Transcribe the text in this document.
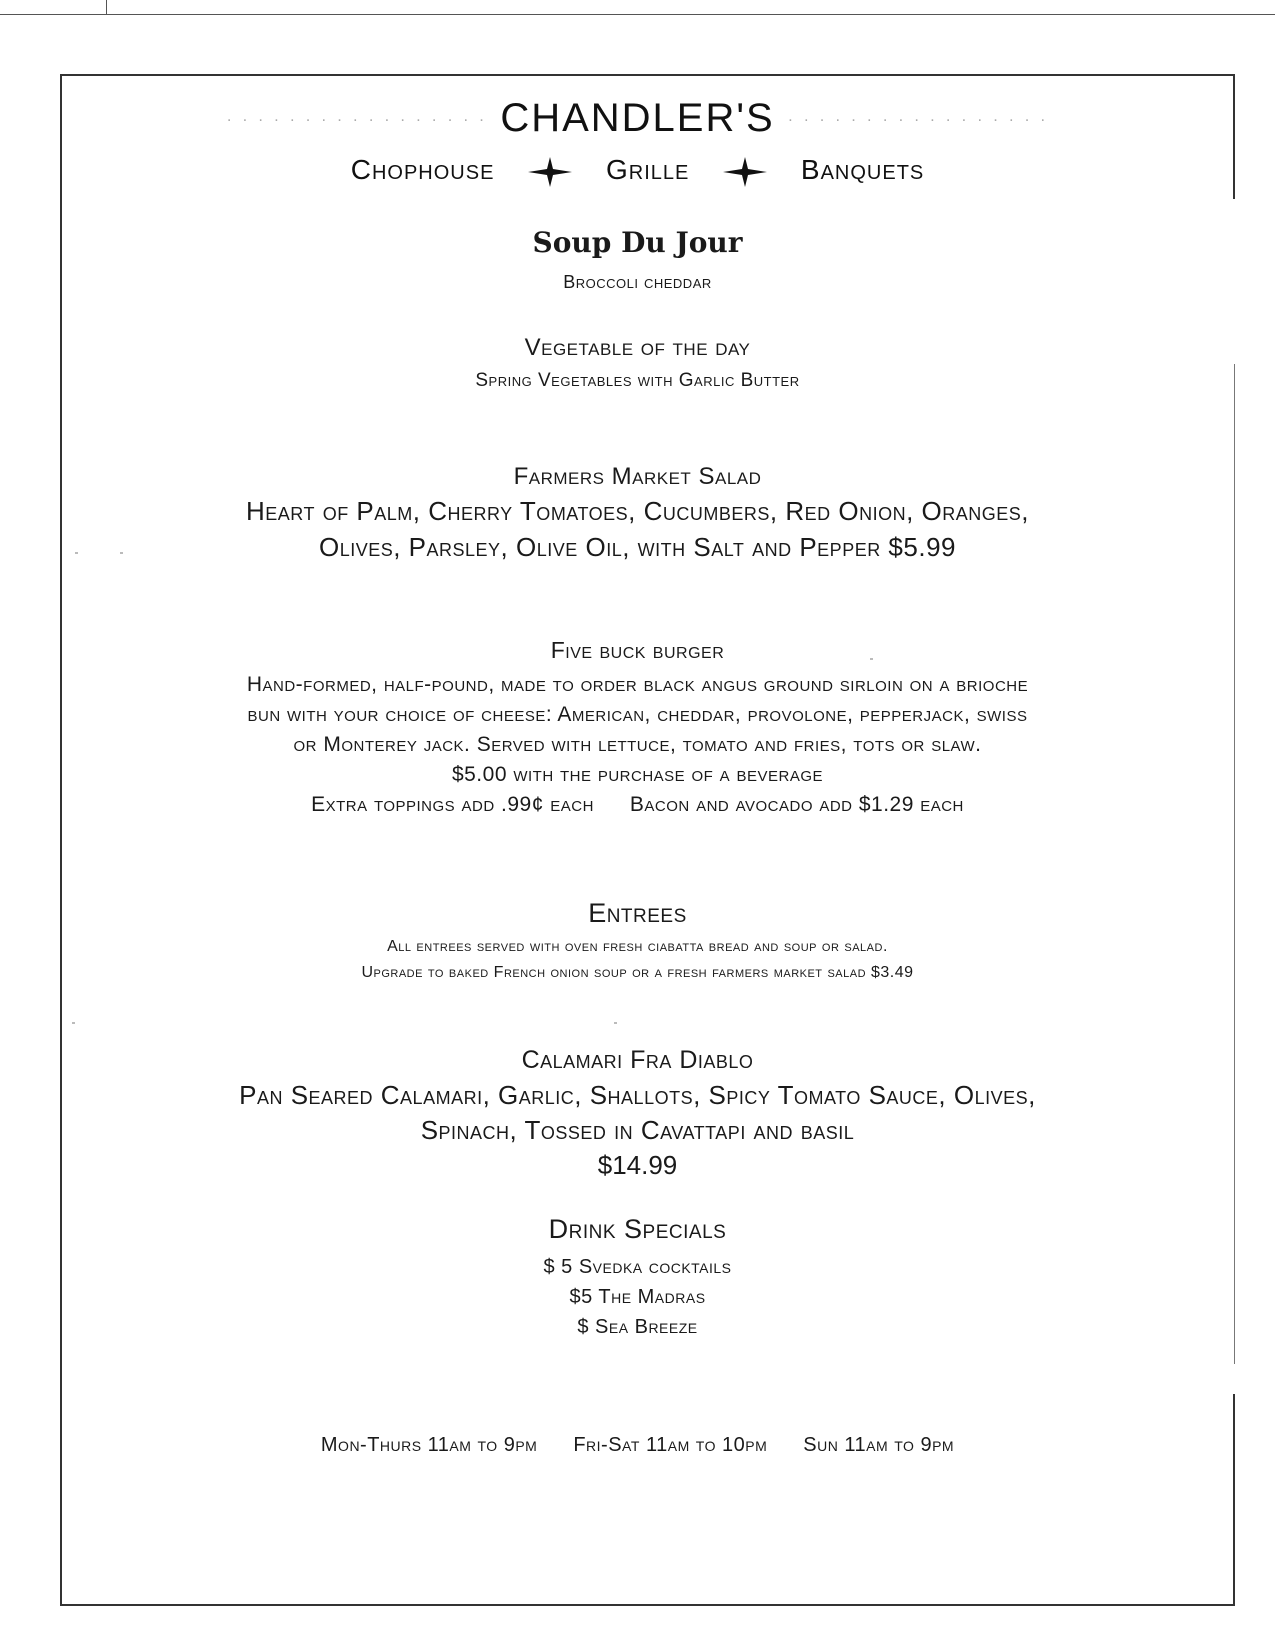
· · · · · · · · · · · · · · · · · CHANDLER'S · · · · · · · · · · · · · · · · ·
Chophouse	Grille	Banquets
Soup Du Jour
Broccoli cheddar
Vegetable of the day
Spring Vegetables with Garlic Butter
Farmers Market Salad
Heart of Palm, Cherry Tomatoes, Cucumbers, Red Onion, Oranges,
Olives, Parsley, Olive Oil, with Salt and Pepper $5.99
Five buck burger
Hand-formed, half-pound, made to order black angus ground sirloin on a brioche
bun with your choice of cheese: American, cheddar, provolone, pepperjack, swiss
or Monterey jack. Served with lettuce, tomato and fries, tots or slaw.
$5.00 with the purchase of a beverage
Extra toppings add .99¢ each Bacon and avocado add $1.29 each
Entrees
All entrees served with oven fresh ciabatta bread and soup or salad.
Upgrade to baked French onion soup or a fresh farmers market salad $3.49
Calamari Fra Diablo
Pan Seared Calamari, Garlic, Shallots, Spicy Tomato Sauce, Olives,
Spinach, Tossed in Cavattapi and basil
$14.99
Drink Specials
$ 5 Svedka cocktails
$5 The Madras
$ Sea Breeze
Mon-Thurs 11am to 9pm Fri-Sat 11am to 10pm Sun 11am to 9pm
